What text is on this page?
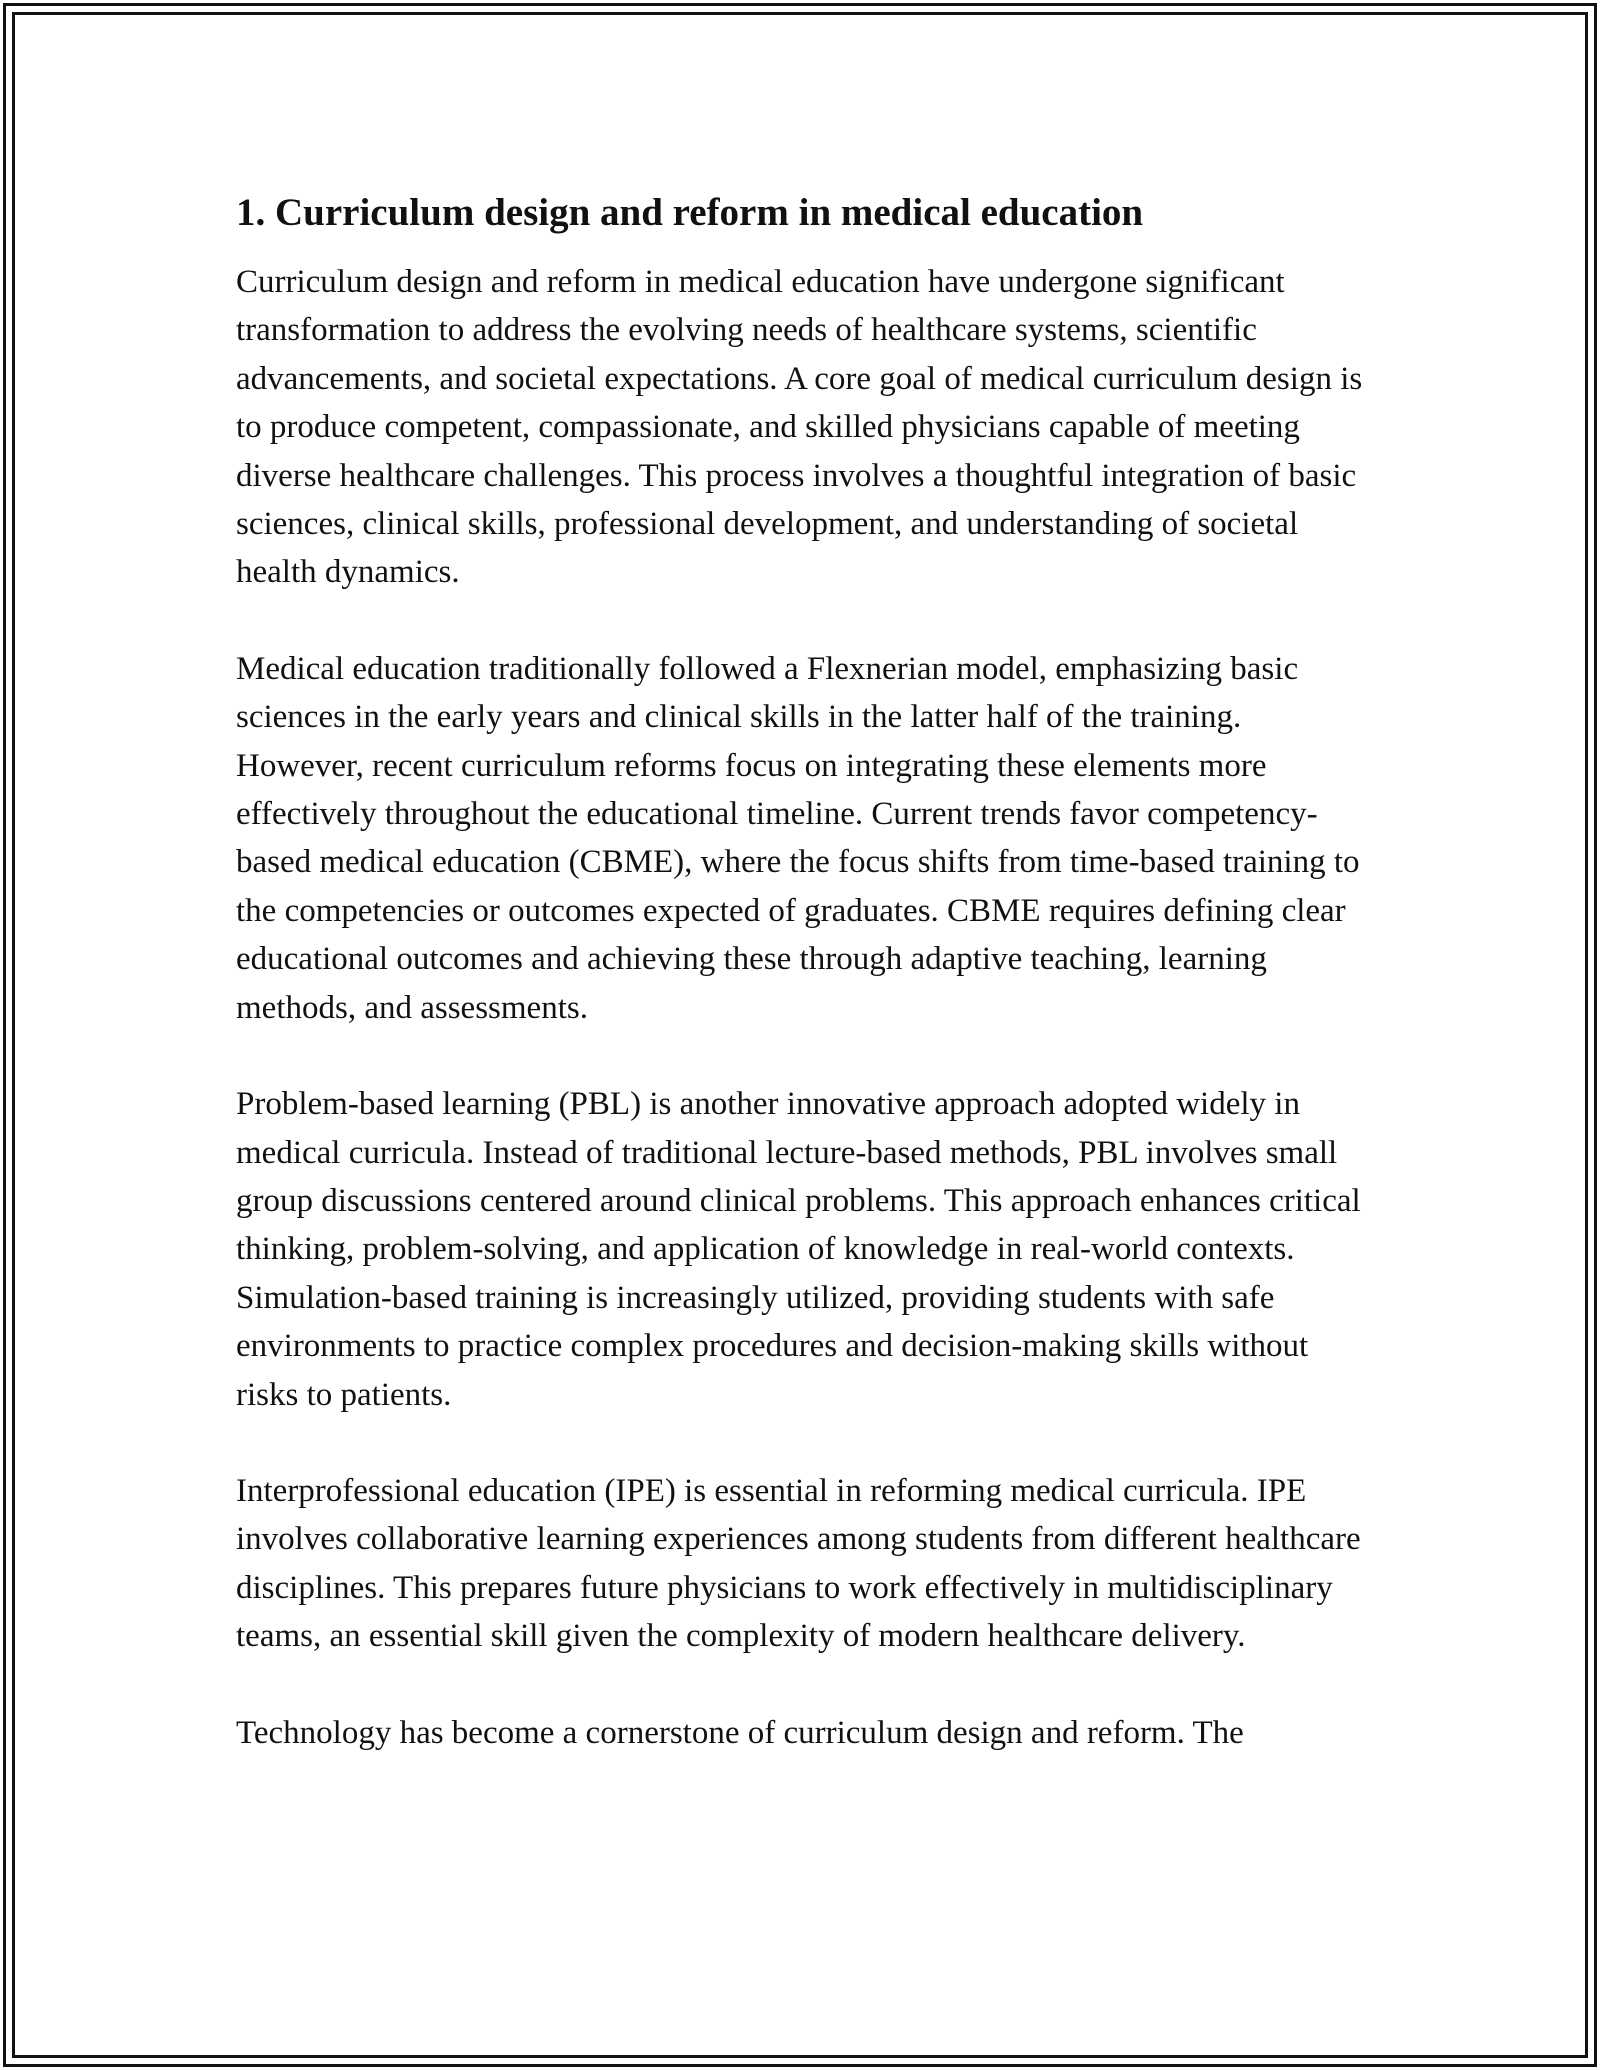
1. Curriculum design and reform in medical education

Curriculum design and reform in medical education have undergone significant transformation to address the evolving needs of healthcare systems, scientific advancements, and societal expectations. A core goal of medical curriculum design is to produce competent, compassionate, and skilled physicians capable of meeting diverse healthcare challenges. This process involves a thoughtful integration of basic sciences, clinical skills, professional development, and understanding of societal health dynamics.

Medical education traditionally followed a Flexnerian model, emphasizing basic sciences in the early years and clinical skills in the latter half of the training. However, recent curriculum reforms focus on integrating these elements more effectively throughout the educational timeline. Current trends favor competency-based medical education (CBME), where the focus shifts from time-based training to the competencies or outcomes expected of graduates. CBME requires defining clear educational outcomes and achieving these through adaptive teaching, learning methods, and assessments.

Problem-based learning (PBL) is another innovative approach adopted widely in medical curricula. Instead of traditional lecture-based methods, PBL involves small group discussions centered around clinical problems. This approach enhances critical thinking, problem-solving, and application of knowledge in real-world contexts. Simulation-based training is increasingly utilized, providing students with safe environments to practice complex procedures and decision-making skills without risks to patients.

Interprofessional education (IPE) is essential in reforming medical curricula. IPE involves collaborative learning experiences among students from different healthcare disciplines. This prepares future physicians to work effectively in multidisciplinary teams, an essential skill given the complexity of modern healthcare delivery.

Technology has become a cornerstone of curriculum design and reform. The
